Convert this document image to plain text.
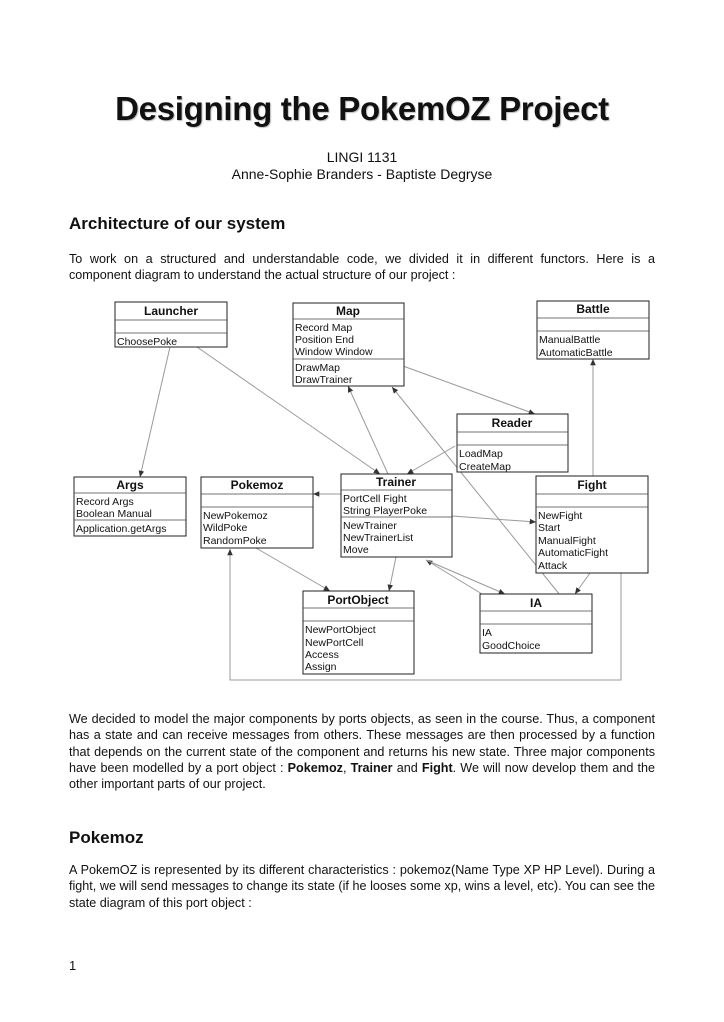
Designing the PokemOZ Project
LINGI 1131
Anne-Sophie Branders - Baptiste Degryse
Architecture of our system

To work on a structured and understandable code, we divided it in different functors. Here is a component diagram to understand the actual structure of our project :

Launcher
ChoosePoke
Map
Record Map
Position End
Window Window
DrawMap
DrawTrainer
Battle
ManualBattle
AutomaticBattle
Reader
LoadMap
CreateMap
Args
Record Args
Boolean Manual
Application.getArgs
Pokemoz
NewPokemoz
WildPoke
RandomPoke
Trainer
PortCell Fight
String PlayerPoke
NewTrainer
NewTrainerList
Move
Fight
NewFight
Start
ManualFight
AutomaticFight
Attack
PortObject
NewPortObject
NewPortCell
Access
Assign
IA
IA
GoodChoice

We decided to model the major components by ports objects, as seen in the course. Thus, a component has a state and can receive messages from others. These messages are then processed by a function that depends on the current state of the component and returns his new state. Three major components have been modelled by a port object : Pokemoz, Trainer and Fight. We will now develop them and the other important parts of our project.

Pokemoz

A PokemOZ is represented by its different characteristics : pokemoz(Name Type XP HP Level). During a fight, we will send messages to change its state (if he looses some xp, wins a level, etc). You can see the state diagram of this port object :

1
